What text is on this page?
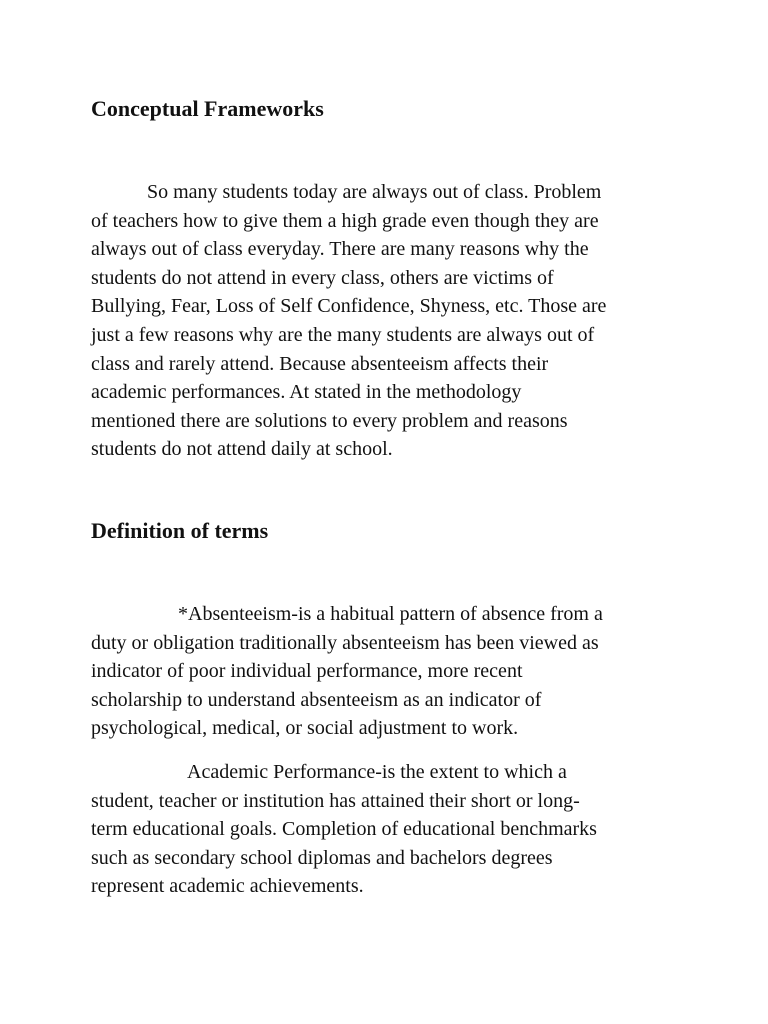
Conceptual Frameworks

So many students today are always out of class. Problem
of teachers how to give them a high grade even though they are
always out of class everyday. There are many reasons why the
students do not attend in every class, others are victims of
Bullying, Fear, Loss of Self Confidence, Shyness, etc. Those are
just a few reasons why are the many students are always out of
class and rarely attend. Because absenteeism affects their
academic performances. At stated in the methodology
mentioned there are solutions to every problem and reasons
students do not attend daily at school.

Definition of terms

*Absenteeism-is a habitual pattern of absence from a
duty or obligation traditionally absenteeism has been viewed as
indicator of poor individual performance, more recent
scholarship to understand absenteeism as an indicator of
psychological, medical, or social adjustment to work.

Academic Performance-is the extent to which a
student, teacher or institution has attained their short or long-
term educational goals. Completion of educational benchmarks
such as secondary school diplomas and bachelors degrees
represent academic achievements.
